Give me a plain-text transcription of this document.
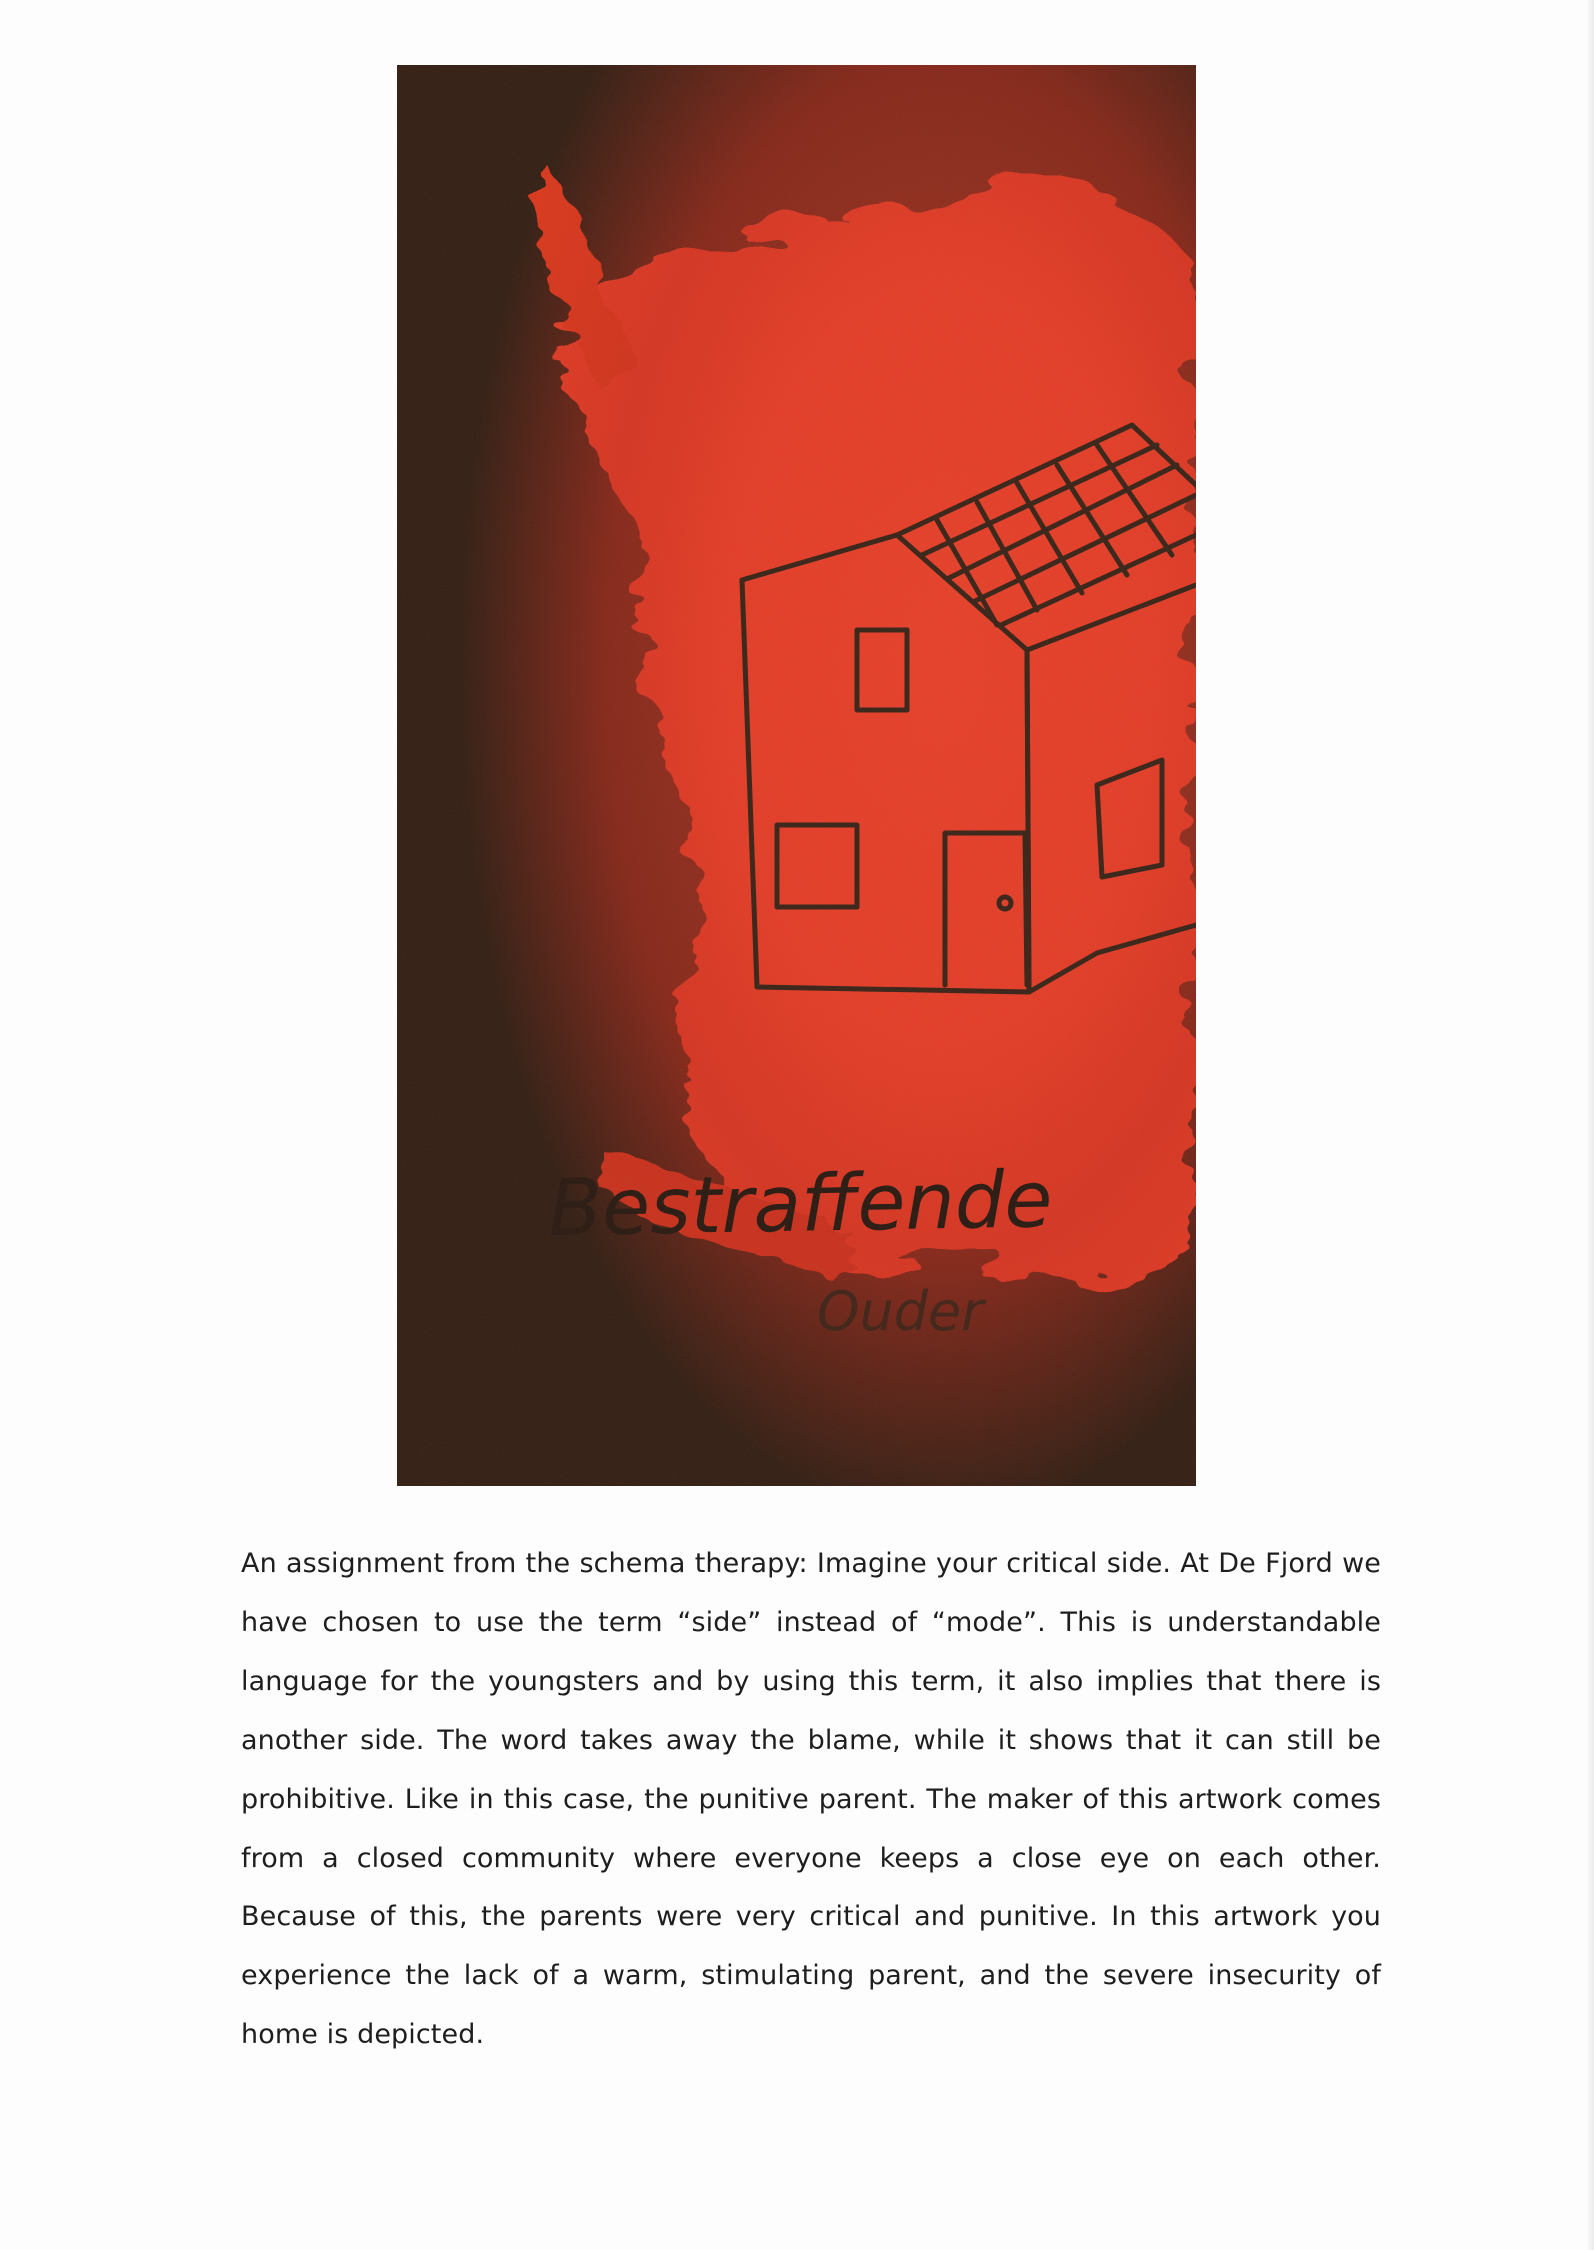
An assignment from the schema therapy: Imagine your critical side. At De Fjord we have chosen to use the term “side” instead of “mode”. This is understandable language for the youngsters and by using this term, it also implies that there is another side. The word takes away the blame, while it shows that it can still be prohibitive. Like in this case, the punitive parent. The maker of this artwork comes from a closed community where everyone keeps a close eye on each other. Because of this, the parents were very critical and punitive. In this artwork you experience the lack of a warm, stimulating parent, and the severe insecurity of home is depicted.
